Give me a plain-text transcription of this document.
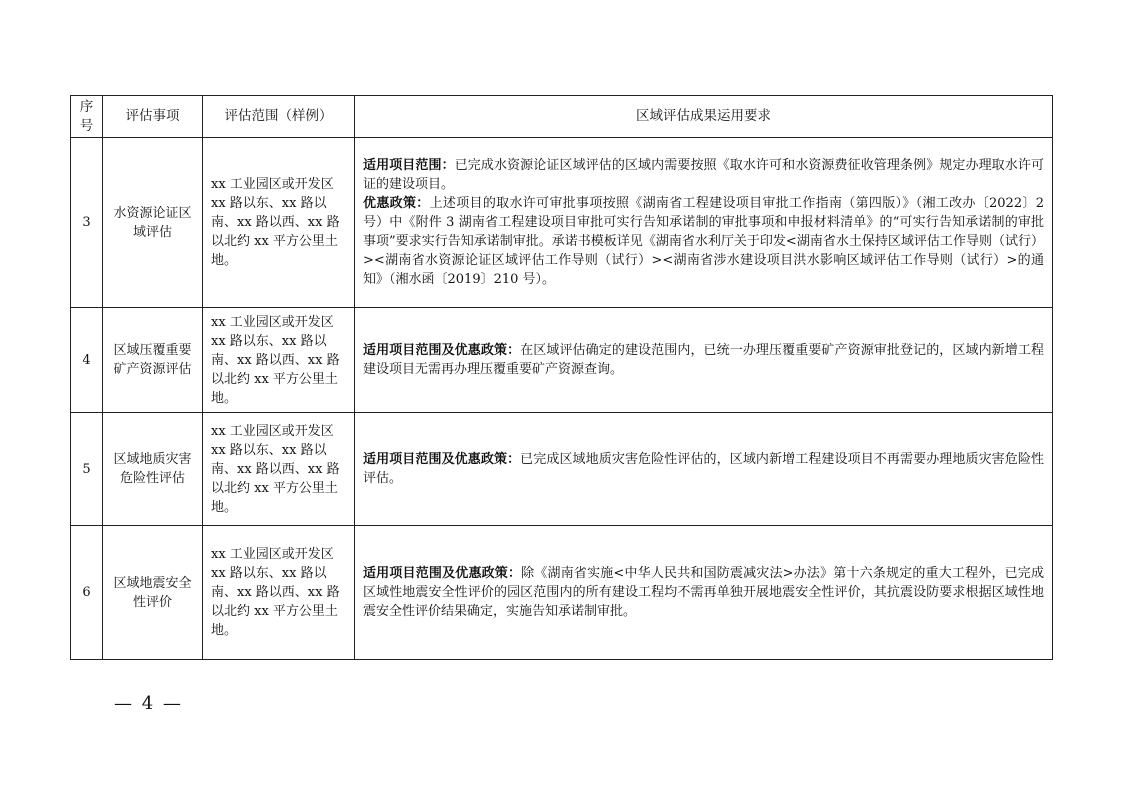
序号	评估事项	评估范围（样例）	区域评估成果运用要求
3	水资源论证区域评估	xx 工业园区或开发区 xx 路以东、xx 路以南、xx 路以西、xx 路以北约 xx 平方公里土地。	适用项目范围：已完成水资源论证区域评估的区域内需要按照《取水许可和水资源费征收管理条例》规定办理取水许可证的建设项目。

优惠政策：上述项目的取水许可审批事项按照《湖南省工程建设项目审批工作指南（第四版）》（湘工改办〔2022〕2 号）中《附件 3 湖南省工程建设项目审批可实行告知承诺制的审批事项和申报材料清单》的“可实行告知承诺制的审批事项”要求实行告知承诺制审批。承诺书模板详见《湖南省水利厅关于印发<湖南省水土保持区域评估工作导则（试行）><湖南省水资源论证区域评估工作导则（试行）><湖南省涉水建设项目洪水影响区域评估工作导则（试行）>的通知》（湘水函〔2019〕210 号）。

4	区域压覆重要矿产资源评估	xx 工业园区或开发区 xx 路以东、xx 路以南、xx 路以西、xx 路以北约 xx 平方公里土地。	适用项目范围及优惠政策：在区域评估确定的建设范围内，已统一办理压覆重要矿产资源审批登记的，区域内新增工程建设项目无需再办理压覆重要矿产资源查询。

5	区域地质灾害危险性评估	xx 工业园区或开发区 xx 路以东、xx 路以南、xx 路以西、xx 路以北约 xx 平方公里土地。	适用项目范围及优惠政策：已完成区域地质灾害危险性评估的，区域内新增工程建设项目不再需要办理地质灾害危险性评估。

6	区域地震安全性评价	xx 工业园区或开发区 xx 路以东、xx 路以南、xx 路以西、xx 路以北约 xx 平方公里土地。	适用项目范围及优惠政策：除《湖南省实施<中华人民共和国防震减灾法>办法》第十六条规定的重大工程外，已完成区域性地震安全性评价的园区范围内的所有建设工程均不需再单独开展地震安全性评价，其抗震设防要求根据区域性地震安全性评价结果确定，实施告知承诺制审批。

— 4 —
